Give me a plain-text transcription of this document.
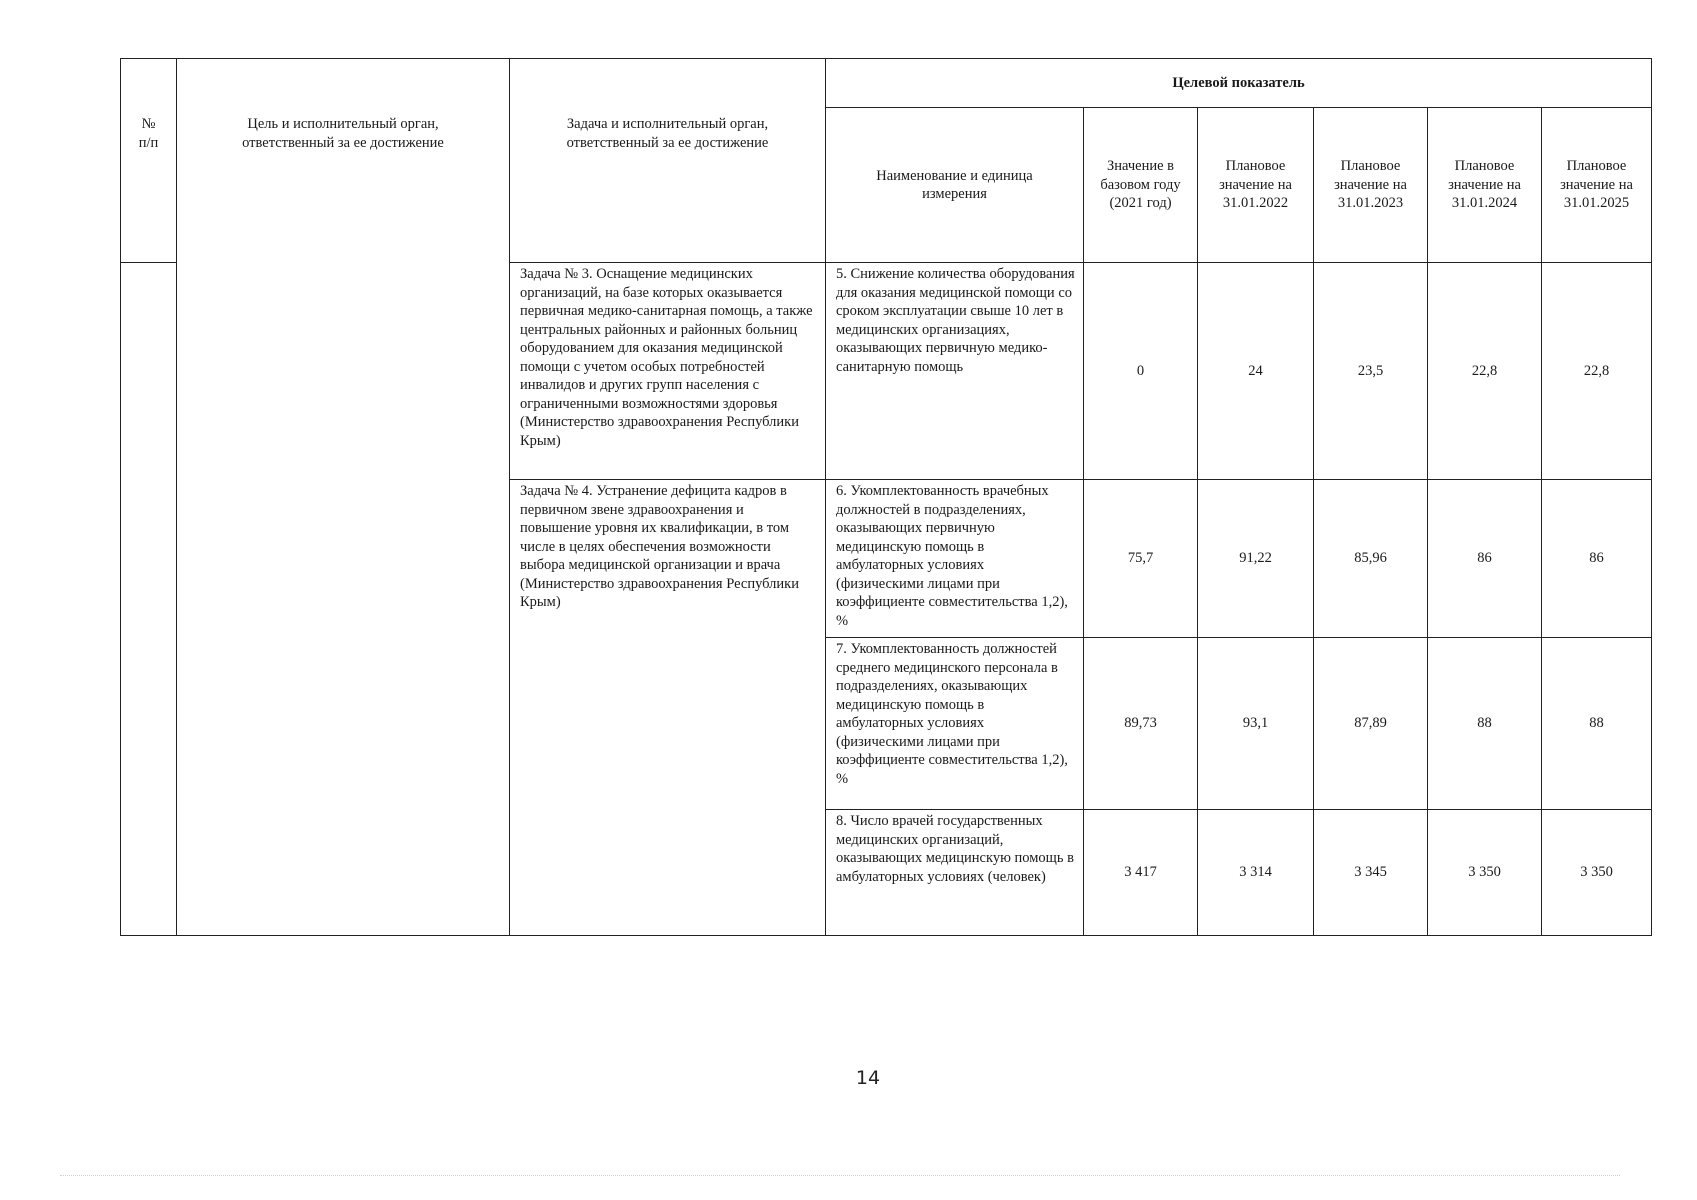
№
п/п	Цель и исполнительный орган, ответственный за ее достижение	Задача и исполнительный орган, ответственный за ее достижение	Целевой показатель					

			Наименование и единица измерения	Значение в базовом году (2021 год)	Плановое значение на 31.01.2022	Плановое значение на 31.01.2023	Плановое значение на 31.01.2024	Плановое значение на 31.01.2025

		Задача № 3. Оснащение медицинских организаций, на базе которых оказывается первичная медико-санитарная помощь, а также центральных районных и районных больниц оборудованием для оказания медицинской помощи с учетом особых потребностей инвалидов и других групп населения с ограниченными возможностями здоровья (Министерство здравоохранения Республики Крым)	5. Снижение количества оборудования для оказания медицинской помощи со сроком эксплуатации свыше 10 лет в медицинских организациях, оказывающих первичную медико-санитарную помощь	0	24	23,5	22,8	22,8
		Задача № 4. Устранение дефицита кадров в первичном звене здравоохранения и повышение уровня их квалификации, в том числе в целях обеспечения возможности выбора медицинской организации и врача (Министерство здравоохранения Республики Крым)	6. Укомплектованность врачебных должностей в подразделениях, оказывающих первичную медицинскую помощь в амбулаторных условиях (физическими лицами при коэффициенте совместительства 1,2), %	75,7	91,22	85,96	86	86
			7. Укомплектованность должностей среднего медицинского персонала в подразделениях, оказывающих медицинскую помощь в амбулаторных условиях (физическими лицами при коэффициенте совместительства 1,2), %	89,73	93,1	87,89	88	88
			8. Число врачей государственных медицинских организаций, оказывающих медицинскую помощь в амбулаторных условиях (человек)	3 417	3 314	3 345	3 350	3 350
14
